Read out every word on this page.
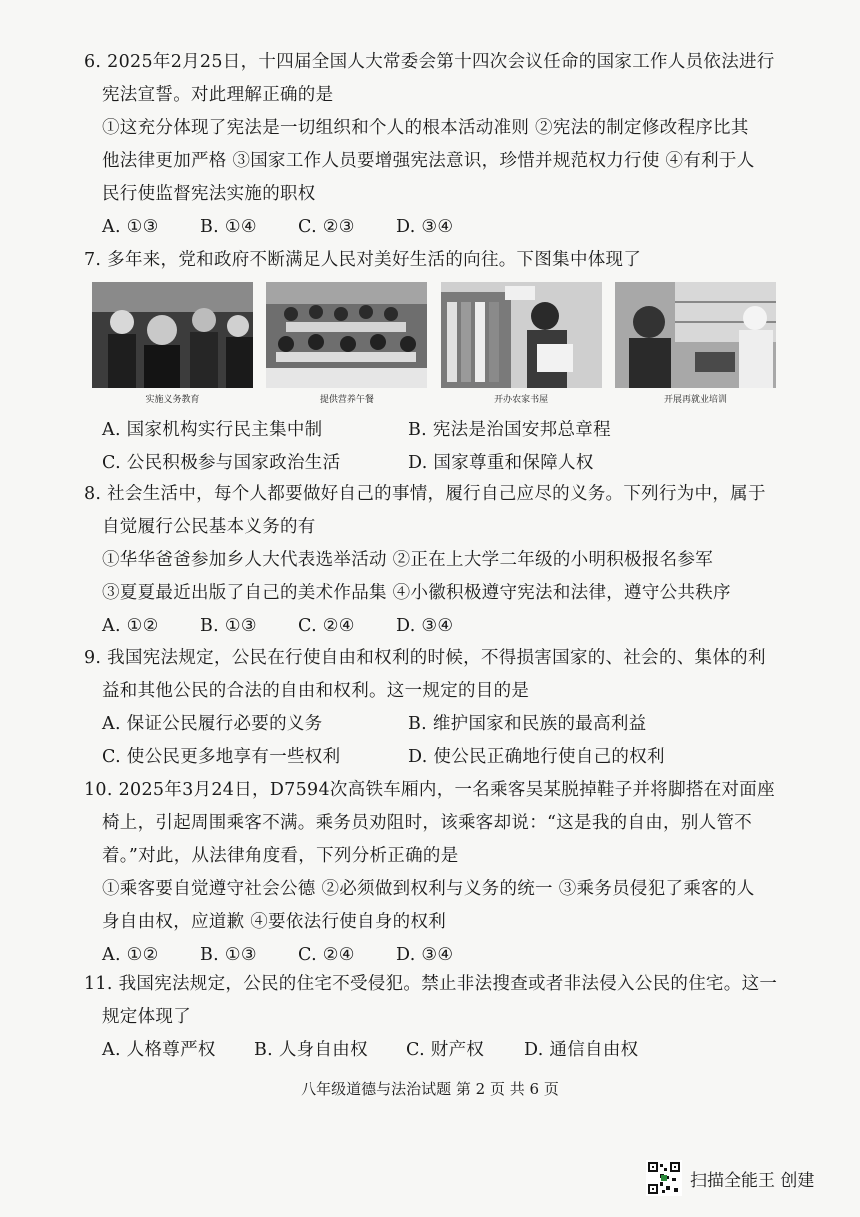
6. 2025年2月25日，十四届全国人大常委会第十四次会议任命的国家工作人员依法进行
宪法宣誓。对此理解正确的是
①这充分体现了宪法是一切组织和个人的根本活动准则 ②宪法的制定修改程序比其
他法律更加严格 ③国家工作人员要增强宪法意识，珍惜并规范权力行使 ④有利于人
民行使监督宪法实施的职权
A. ①③ B. ①④ C. ②③ D. ③④
7. 多年来，党和政府不断满足人民对美好生活的向往。下图集中体现了
实施义务教育	提供营养午餐	开办农家书屋	开展再就业培训
A. 国家机构实行民主集中制	B. 宪法是治国安邦总章程
C. 公民积极参与国家政治生活	D. 国家尊重和保障人权
8. 社会生活中，每个人都要做好自己的事情，履行自己应尽的义务。下列行为中，属于
自觉履行公民基本义务的有
①华华爸爸参加乡人大代表选举活动 ②正在上大学二年级的小明积极报名参军
③夏夏最近出版了自己的美术作品集 ④小徽积极遵守宪法和法律，遵守公共秩序
A. ①② B. ①③ C. ②④ D. ③④
9. 我国宪法规定，公民在行使自由和权利的时候，不得损害国家的、社会的、集体的利
益和其他公民的合法的自由和权利。这一规定的目的是
A. 保证公民履行必要的义务	B. 维护国家和民族的最高利益
C. 使公民更多地享有一些权利	D. 使公民正确地行使自己的权利
10. 2025年3月24日，D7594次高铁车厢内，一名乘客吴某脱掉鞋子并将脚搭在对面座
椅上，引起周围乘客不满。乘务员劝阻时，该乘客却说：“这是我的自由，别人管不
着。”对此，从法律角度看，下列分析正确的是
①乘客要自觉遵守社会公德 ②必须做到权利与义务的统一 ③乘务员侵犯了乘客的人
身自由权，应道歉 ④要依法行使自身的权利
A. ①② B. ①③ C. ②④ D. ③④
11. 我国宪法规定，公民的住宅不受侵犯。禁止非法搜查或者非法侵入公民的住宅。这一
规定体现了
A. 人格尊严权	B. 人身自由权	C. 财产权	D. 通信自由权
八年级道德与法治试题 第 2 页 共 6 页
扫描全能王 创建
